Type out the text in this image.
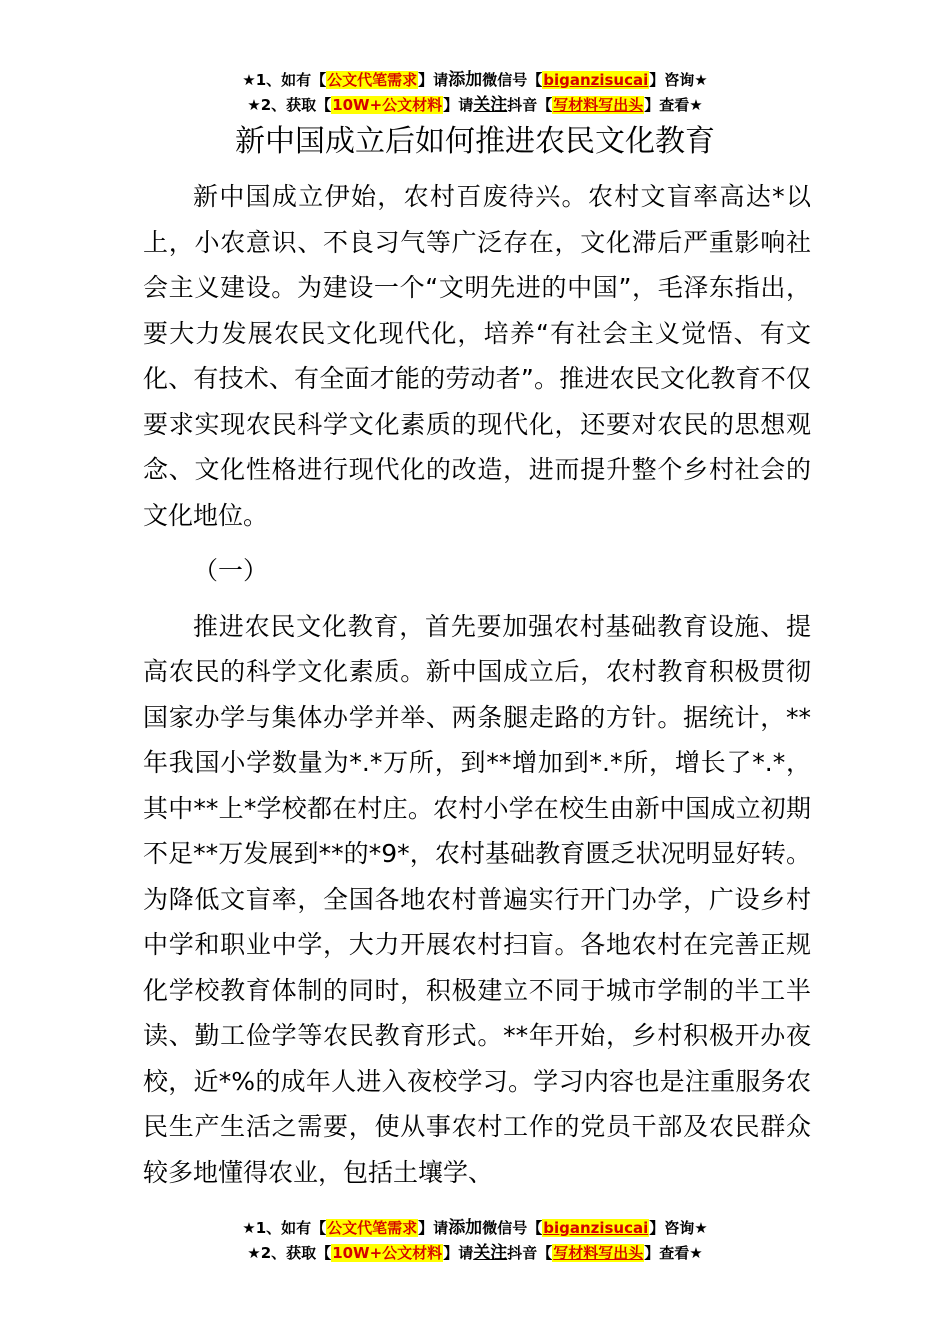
★1、如有【公文代笔需求】请添加微信号【biganzisucai】咨询★
★2、获取【10W+公文材料】请关注抖音【写材料写出头】查看★
新中国成立后如何推进农民文化教育

新中国成立伊始，农村百废待兴。农村文盲率高达*以上，小农意识、不良习气等广泛存在，文化滞后严重影响社会主义建设。为建设一个“文明先进的中国”，毛泽东指出，要大力发展农民文化现代化，培养“有社会主义觉悟、有文化、有技术、有全面才能的劳动者”。推进农民文化教育不仅要求实现农民科学文化素质的现代化，还要对农民的思想观念、文化性格进行现代化的改造，进而提升整个乡村社会的文化地位。

（一）

推进农民文化教育，首先要加强农村基础教育设施、提高农民的科学文化素质。新中国成立后，农村教育积极贯彻国家办学与集体办学并举、两条腿走路的方针。据统计，**年我国小学数量为*.*万所，到**增加到*.*所，增长了*.*，其中**上*学校都在村庄。农村小学在校生由新中国成立初期不足**万发展到**的*9*，农村基础教育匮乏状况明显好转。为降低文盲率，全国各地农村普遍实行开门办学，广设乡村中学和职业中学，大力开展农村扫盲。各地农村在完善正规化学校教育体制的同时，积极建立不同于城市学制的半工半读、勤工俭学等农民教育形式。**年开始，乡村积极开办夜校，近*%的成年人进入夜校学习。学习内容也是注重服务农民生产生活之需要，使从事农村工作的党员干部及农民群众较多地懂得农业，包括土壤学、

★1、如有【公文代笔需求】请添加微信号【biganzisucai】咨询★
★2、获取【10W+公文材料】请关注抖音【写材料写出头】查看★
